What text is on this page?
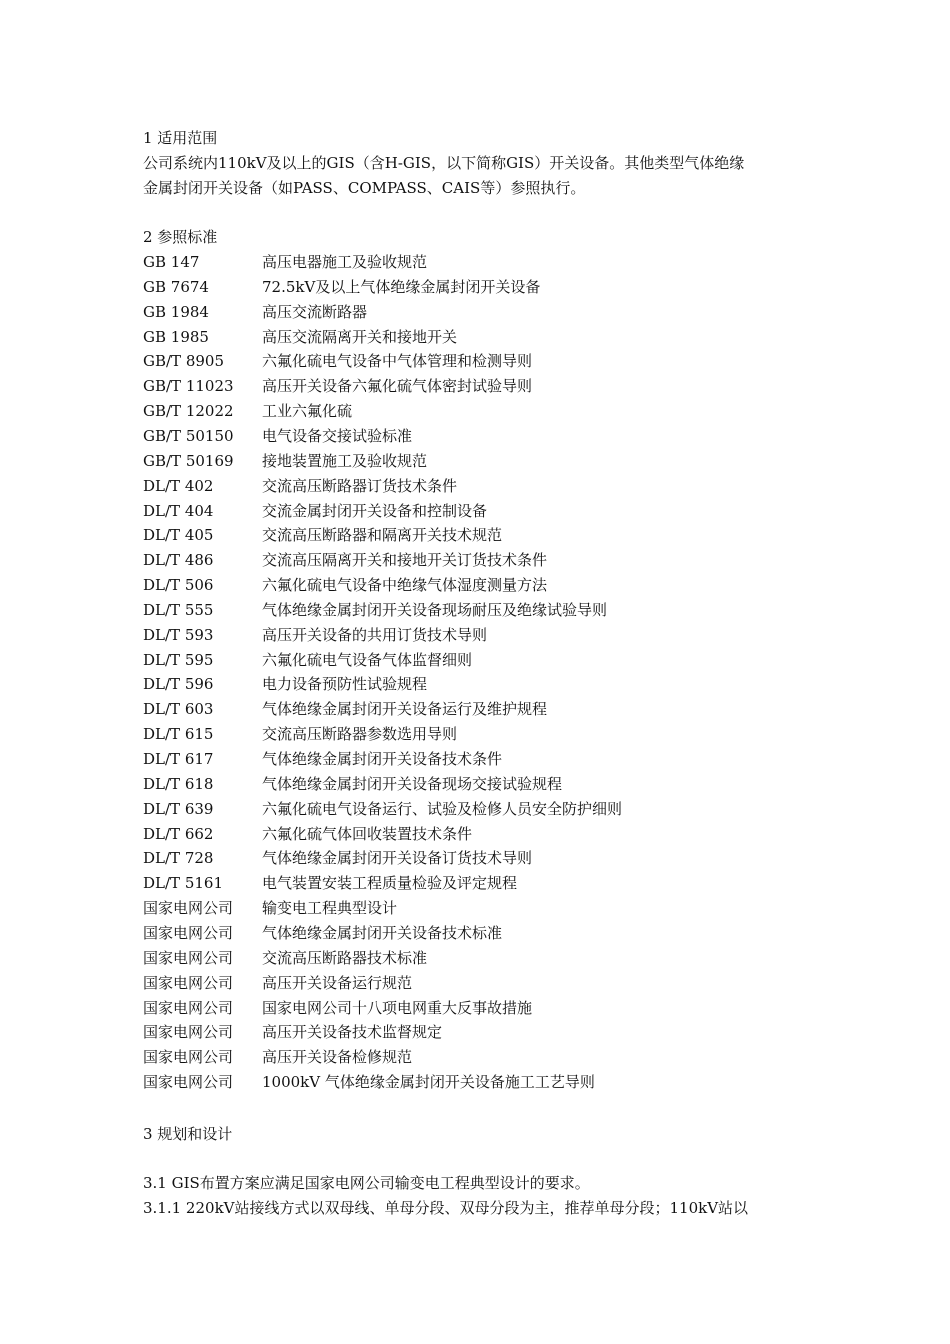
1 适用范围
公司系统内110kV及以上的GIS（含H-GIS，以下简称GIS）开关设备。其他类型气体绝缘
金属封闭开关设备（如PASS、COMPASS、CAIS等）参照执行。
2 参照标准
GB 147	高压电器施工及验收规范
GB 7674	72.5kV及以上气体绝缘金属封闭开关设备
GB 1984	高压交流断路器
GB 1985	高压交流隔离开关和接地开关
GB/T 8905	六氟化硫电气设备中气体管理和检测导则
GB/T 11023 高压开关设备六氟化硫气体密封试验导则
GB/T 12022 工业六氟化硫
GB/T 50150 电气设备交接试验标准
GB/T 50169 接地装置施工及验收规范
DL/T 402	交流高压断路器订货技术条件
DL/T 404	交流金属封闭开关设备和控制设备
DL/T 405	交流高压断路器和隔离开关技术规范
DL/T 486	交流高压隔离开关和接地开关订货技术条件
DL/T 506	六氟化硫电气设备中绝缘气体湿度测量方法
DL/T 555	气体绝缘金属封闭开关设备现场耐压及绝缘试验导则
DL/T 593	高压开关设备的共用订货技术导则
DL/T 595	六氟化硫电气设备气体监督细则
DL/T 596	电力设备预防性试验规程
DL/T 603	气体绝缘金属封闭开关设备运行及维护规程
DL/T 615	交流高压断路器参数选用导则
DL/T 617	气体绝缘金属封闭开关设备技术条件
DL/T 618	气体绝缘金属封闭开关设备现场交接试验规程
DL/T 639	六氟化硫电气设备运行、试验及检修人员安全防护细则
DL/T 662	六氟化硫气体回收装置技术条件
DL/T 728	气体绝缘金属封闭开关设备订货技术导则
DL/T 5161	电气装置安装工程质量检验及评定规程
国家电网公司 输变电工程典型设计
国家电网公司 气体绝缘金属封闭开关设备技术标准
国家电网公司 交流高压断路器技术标准
国家电网公司 高压开关设备运行规范
国家电网公司 国家电网公司十八项电网重大反事故措施
国家电网公司 高压开关设备技术监督规定
国家电网公司 高压开关设备检修规范
国家电网公司 1000kV 气体绝缘金属封闭开关设备施工工艺导则
3 规划和设计
3.1 GIS布置方案应满足国家电网公司输变电工程典型设计的要求。
3.1.1 220kV站接线方式以双母线、单母分段、双母分段为主，推荐单母分段；110kV站以
